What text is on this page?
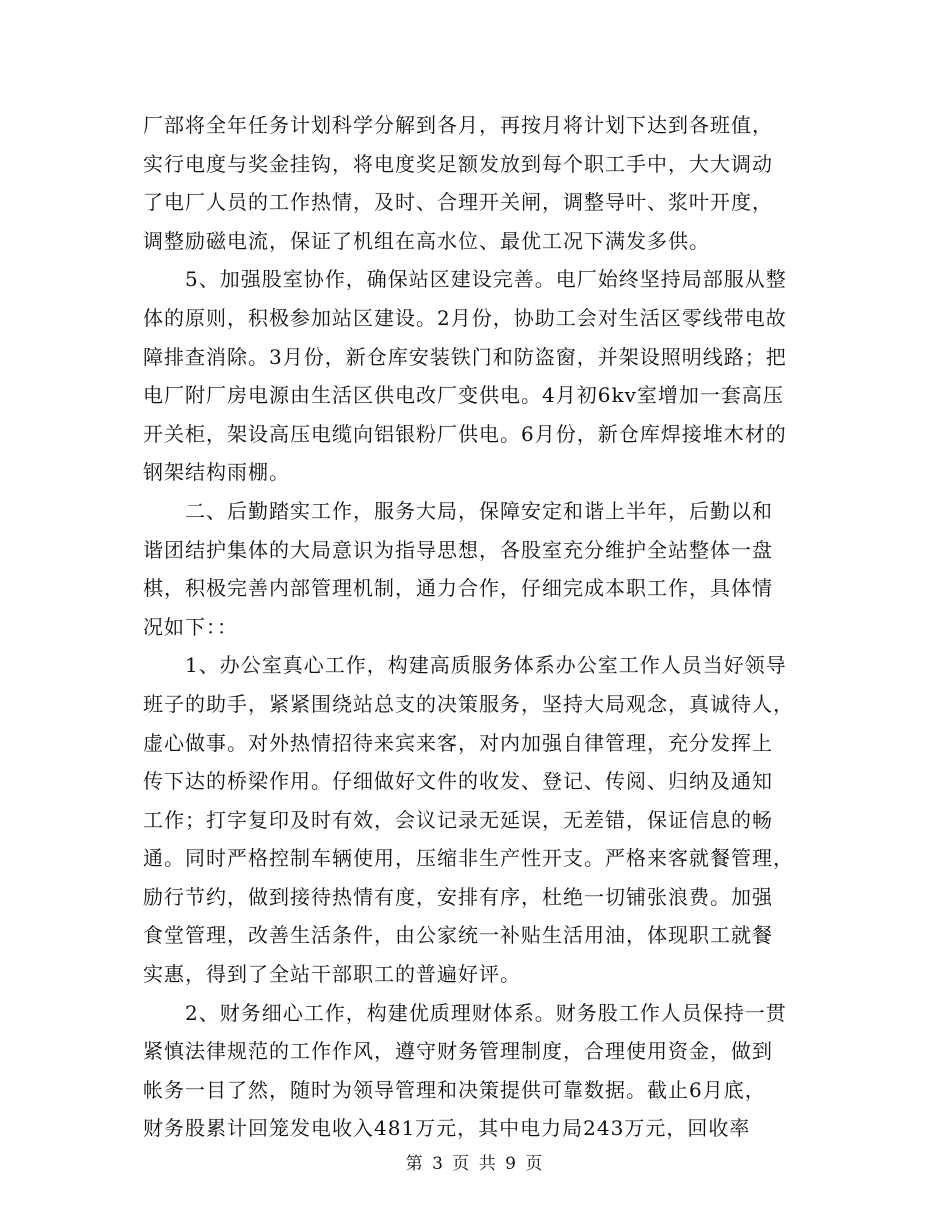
厂部将全年任务计划科学分解到各月，再按月将计划下达到各班值，
实行电度与奖金挂钩，将电度奖足额发放到每个职工手中，大大调动
了电厂人员的工作热情，及时、合理开关闸，调整导叶、浆叶开度，
调整励磁电流，保证了机组在高水位、最优工况下满发多供。
5、加强股室协作，确保站区建设完善。电厂始终坚持局部服从整
体的原则，积极参加站区建设。2月份，协助工会对生活区零线带电故
障排查消除。3月份，新仓库安装铁门和防盗窗，并架设照明线路；把
电厂附厂房电源由生活区供电改厂变供电。4月初6kv室增加一套高压
开关柜，架设高压电缆向铝银粉厂供电。6月份，新仓库焊接堆木材的
钢架结构雨棚。
二、后勤踏实工作，服务大局，保障安定和谐上半年，后勤以和
谐团结护集体的大局意识为指导思想，各股室充分维护全站整体一盘
棋，积极完善内部管理机制，通力合作，仔细完成本职工作，具体情
况如下：：
1、办公室真心工作，构建高质服务体系办公室工作人员当好领导
班子的助手，紧紧围绕站总支的决策服务，坚持大局观念，真诚待人，
虚心做事。对外热情招待来宾来客，对内加强自律管理，充分发挥上
传下达的桥梁作用。仔细做好文件的收发、登记、传阅、归纳及通知
工作；打字复印及时有效，会议记录无延误，无差错，保证信息的畅
通。同时严格控制车辆使用，压缩非生产性开支。严格来客就餐管理，
励行节约，做到接待热情有度，安排有序，杜绝一切铺张浪费。加强
食堂管理，改善生活条件，由公家统一补贴生活用油，体现职工就餐
实惠，得到了全站干部职工的普遍好评。
2、财务细心工作，构建优质理财体系。财务股工作人员保持一贯
紧慎法律规范的工作作风，遵守财务管理制度，合理使用资金，做到
帐务一目了然，随时为领导管理和决策提供可靠数据。截止6月底，
财务股累计回笼发电收入481万元，其中电力局243万元，回收率
第 3 页 共 9 页
